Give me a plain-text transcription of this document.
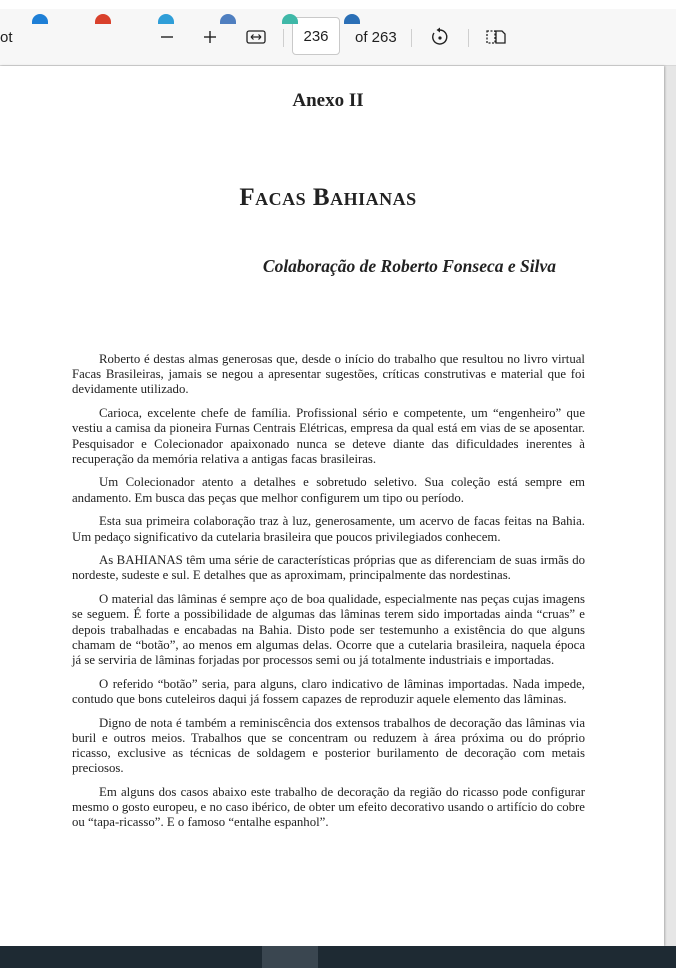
ot
236	of 263
Anexo II
Facas Bahianas
Colaboração de Roberto Fonseca e Silva

Roberto é destas almas generosas que, desde o início do trabalho que resultou no livro virtual Facas Brasileiras, jamais se negou a apresentar sugestões, críticas construtivas e material que foi devidamente utilizado.

Carioca, excelente chefe de família. Profissional sério e competente, um “engenheiro” que vestiu a camisa da pioneira Furnas Centrais Elétricas, empresa da qual está em vias de se aposentar. Pesquisador e Colecionador apaixonado nunca se deteve diante das dificuldades inerentes à recuperação da memória relativa a antigas facas brasileiras.

Um Colecionador atento a detalhes e sobretudo seletivo. Sua coleção está sempre em andamento. Em busca das peças que melhor configurem um tipo ou período.

Esta sua primeira colaboração traz à luz, generosamente, um acervo de facas feitas na Bahia. Um pedaço significativo da cutelaria brasileira que poucos privilegiados conhecem.

As BAHIANAS têm uma série de características próprias que as diferenciam de suas irmãs do nordeste, sudeste e sul. E detalhes que as aproximam, principalmente das nordestinas.

O material das lâminas é sempre aço de boa qualidade, especialmente nas peças cujas imagens se seguem. É forte a possibilidade de algumas das lâminas terem sido importadas ainda “cruas” e depois trabalhadas e encabadas na Bahia. Disto pode ser testemunho a existência do que alguns chamam de “botão”, ao menos em algumas delas. Ocorre que a cutelaria brasileira, naquela época já se serviria de lâminas forjadas por processos semi ou já totalmente industriais e importadas.

O referido “botão” seria, para alguns, claro indicativo de lâminas importadas. Nada impede, contudo que bons cuteleiros daqui já fossem capazes de reproduzir aquele elemento das lâminas.

Digno de nota é também a reminiscência dos extensos trabalhos de decoração das lâminas via buril e outros meios. Trabalhos que se concentram ou reduzem à área próxima ou do próprio ricasso, exclusive as técnicas de soldagem e posterior burilamento de decoração com metais preciosos.

Em alguns dos casos abaixo este trabalho de decoração da região do ricasso pode configurar mesmo o gosto europeu, e no caso ibérico, de obter um efeito decorativo usando o artifício do cobre ou “tapa-ricasso”. E o famoso “entalhe espanhol”.
